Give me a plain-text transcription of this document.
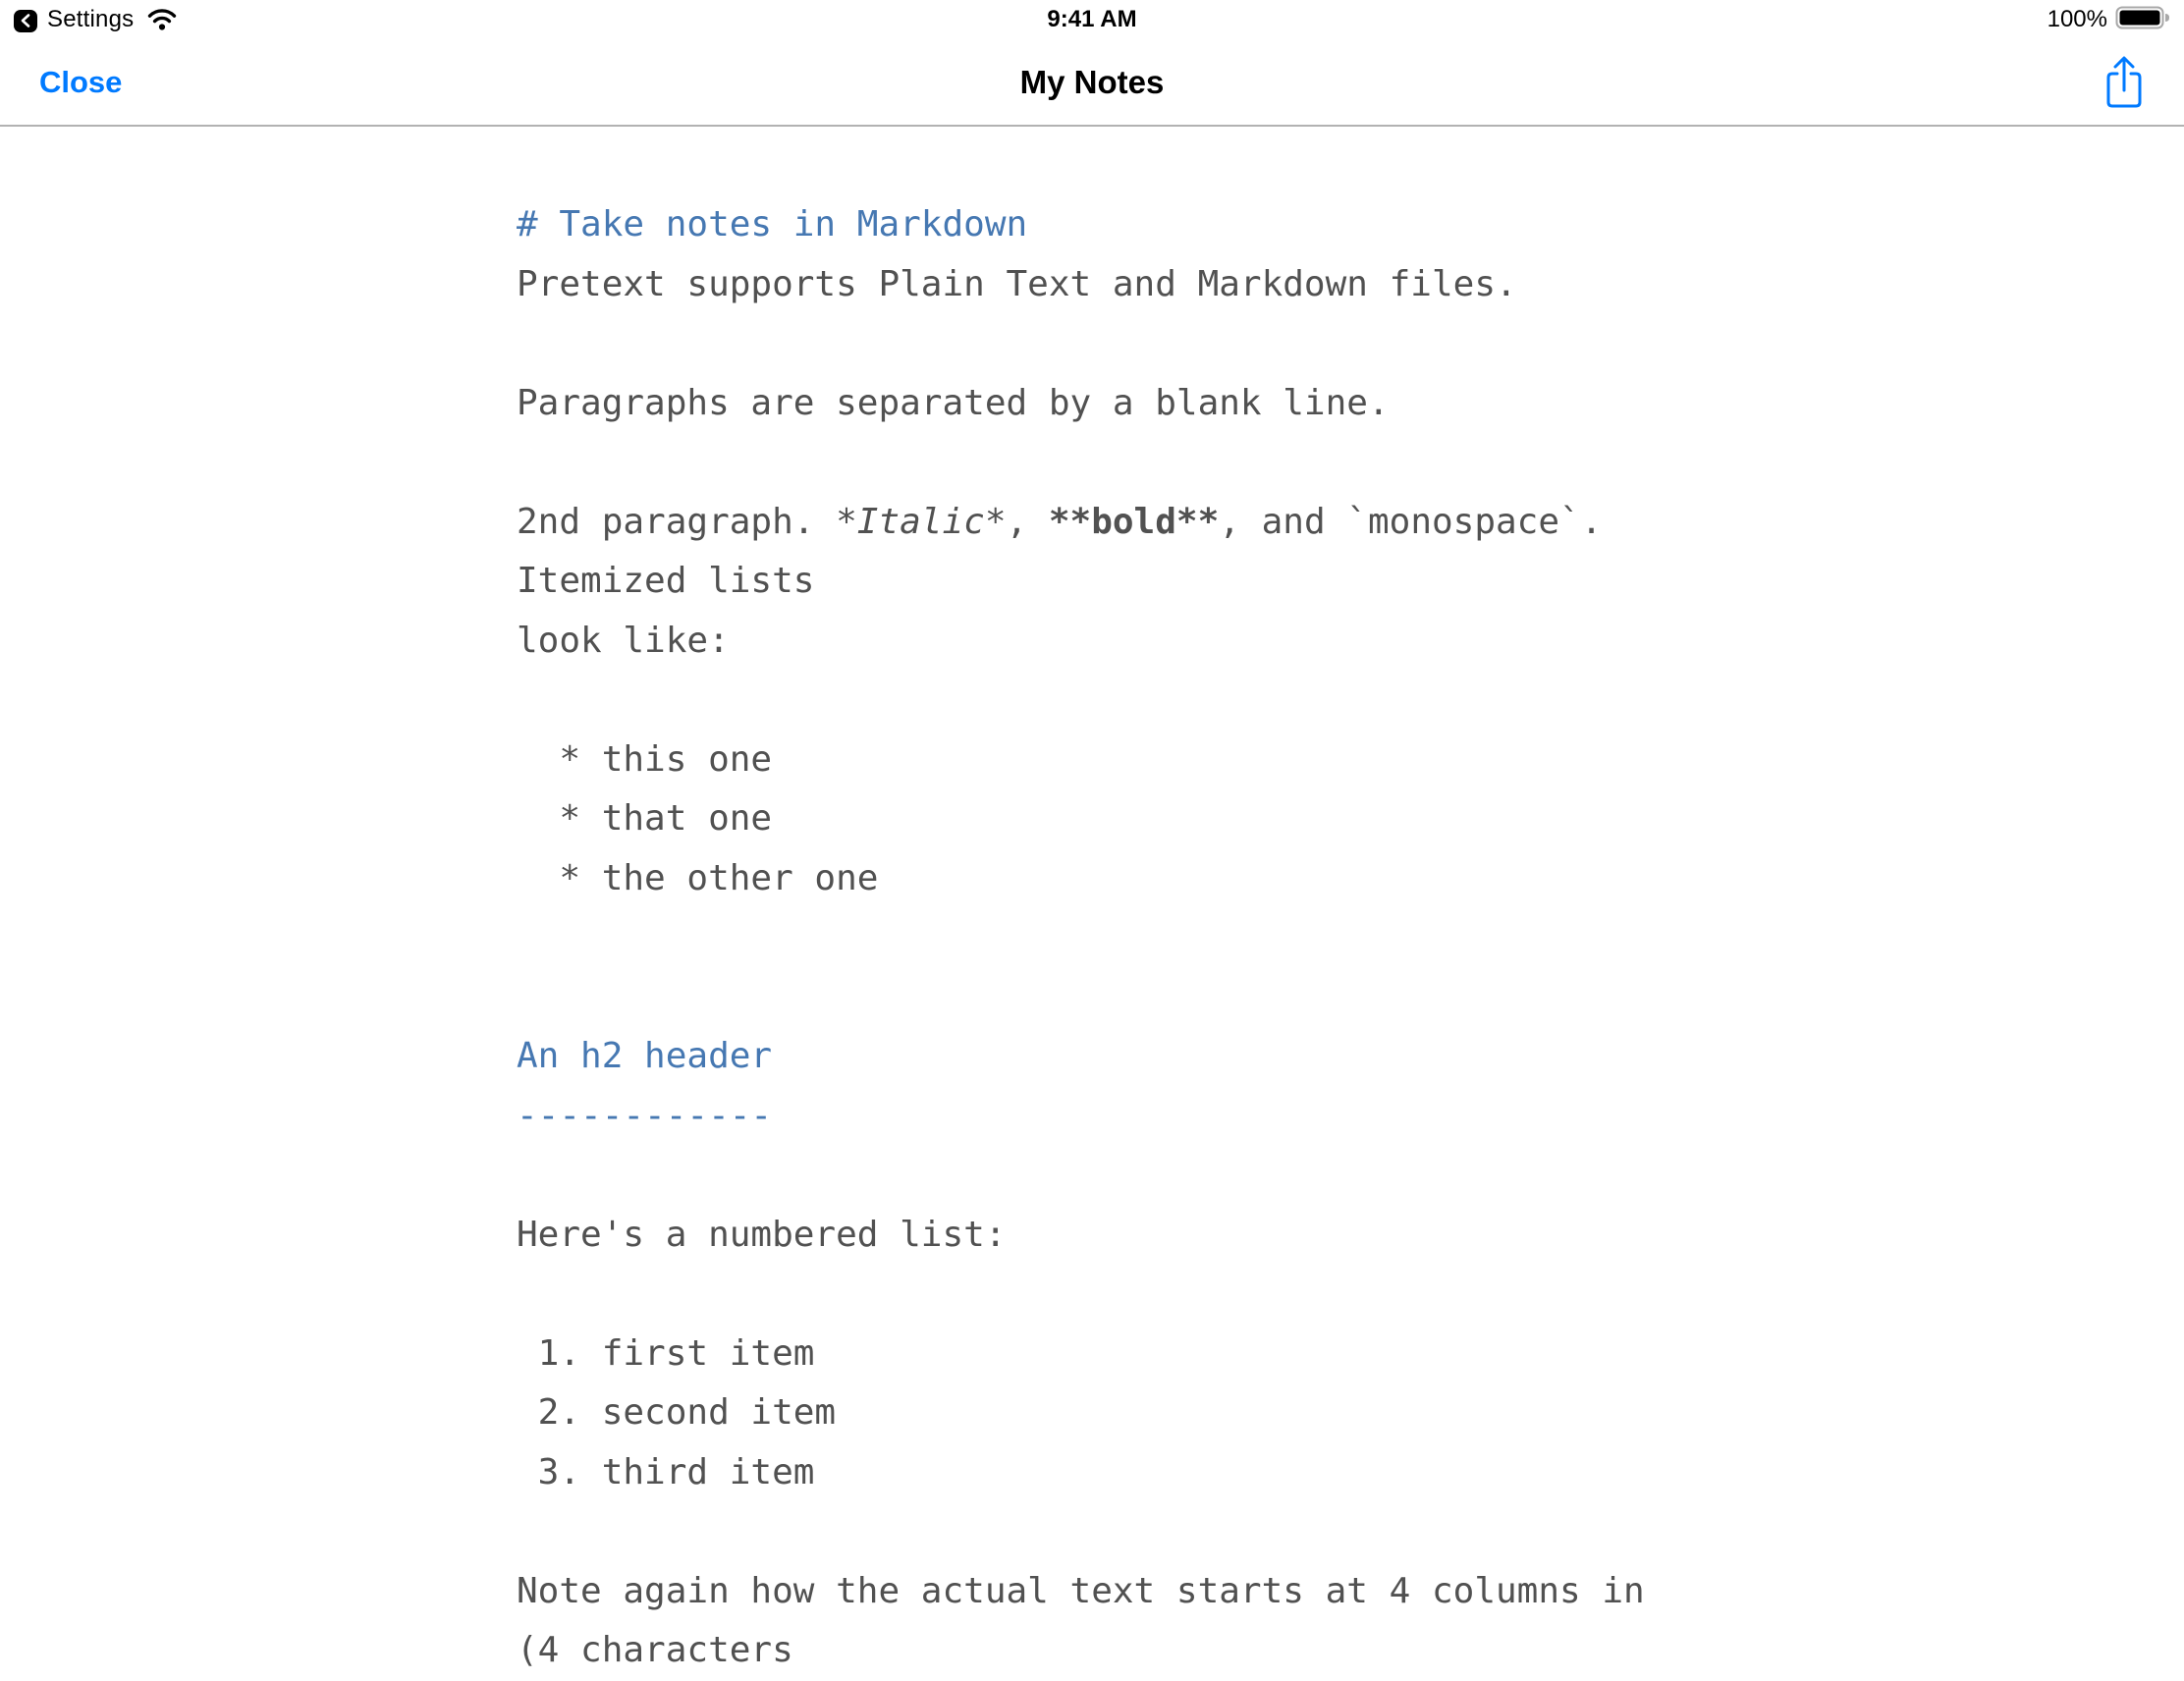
Settings	9:41 AM	100%
Close	My Notes
# Take notes in Markdown
Pretext supports Plain Text and Markdown files.

Paragraphs are separated by a blank line.

2nd paragraph. *Italic*, **bold**, and `monospace`.
Itemized lists
look like:

* this one
* that one
* the other one

An h2 header
------------

Here's a numbered list:

1. first item
2. second item
3. third item

Note again how the actual text starts at 4 columns in
(4 characters
